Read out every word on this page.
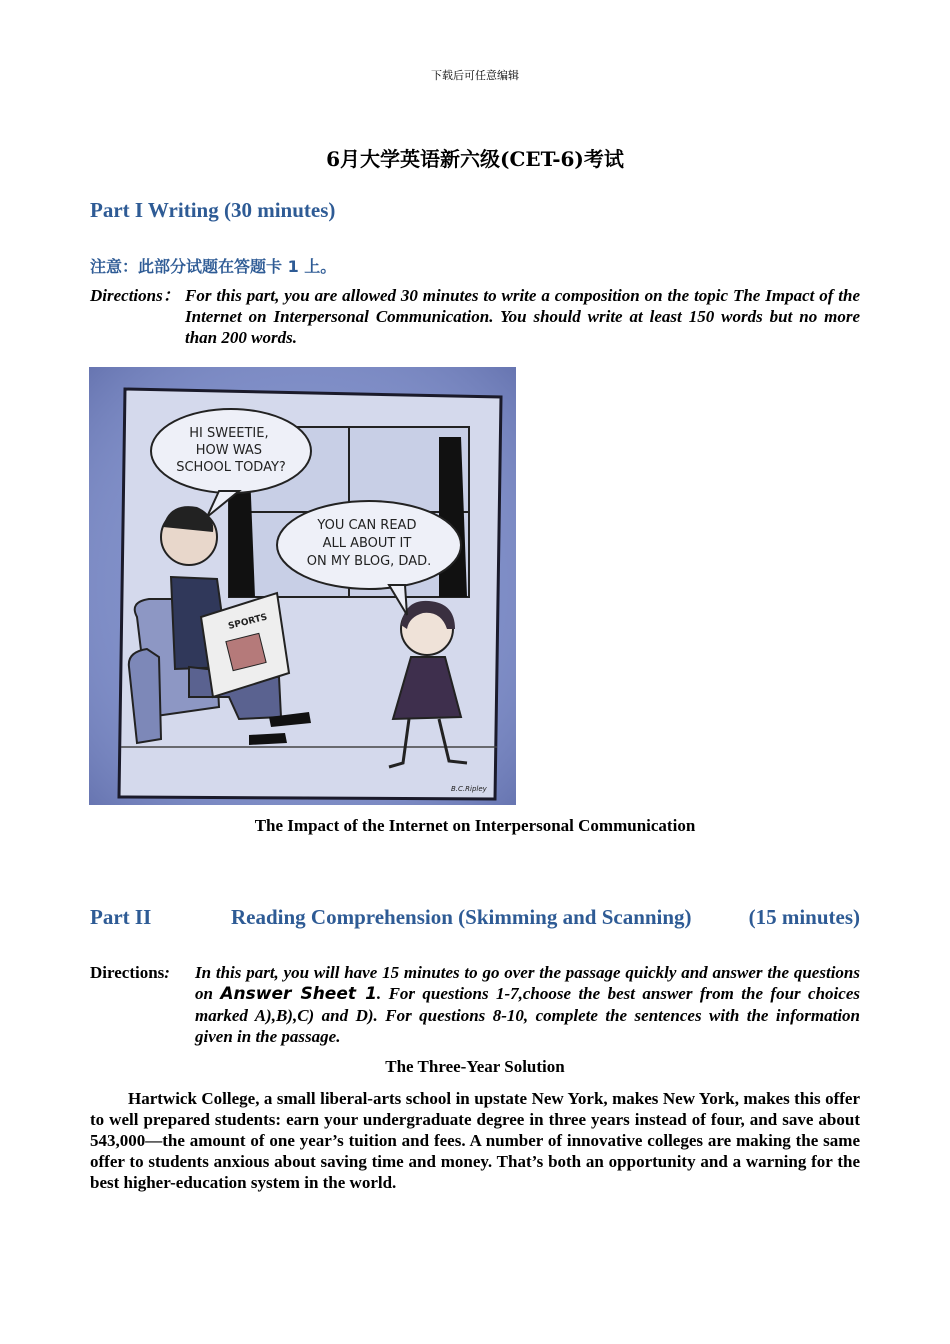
下载后可任意编辑
6月大学英语新六级(CET-6)考试
Part I Writing (30 minutes)
注意：此部分试题在答题卡 1 上。
Directions： For this part, you are allowed 30 minutes to write a composition on the topic The Impact of the Internet on Interpersonal Communication. You should write at least 150 words but no more than 200 words.
SPORTS
HI SWEETIE, HOW WAS SCHOOL TODAY?
YOU CAN READ ALL ABOUT IT ON MY BLOG, DAD.
B.C.Ripley
The Impact of the Internet on Interpersonal Communication
Part II	Reading Comprehension (Skimming and Scanning)	(15 minutes)
Directions: In this part, you will have 15 minutes to go over the passage quickly and answer the questions on Answer Sheet 1. For questions 1-7,choose the best answer from the four choices marked A),B),C) and D). For questions 8-10, complete the sentences with the information given in the passage.
The Three-Year Solution
Hartwick College, a small liberal-arts school in upstate New York, makes New York, makes this offer to well prepared students: earn your undergraduate degree in three years instead of four, and save about 543,000—the amount of one year’s tuition and fees. A number of innovative colleges are making the same offer to students anxious about saving time and money. That’s both an opportunity and a warning for the best higher-education system in the world.
